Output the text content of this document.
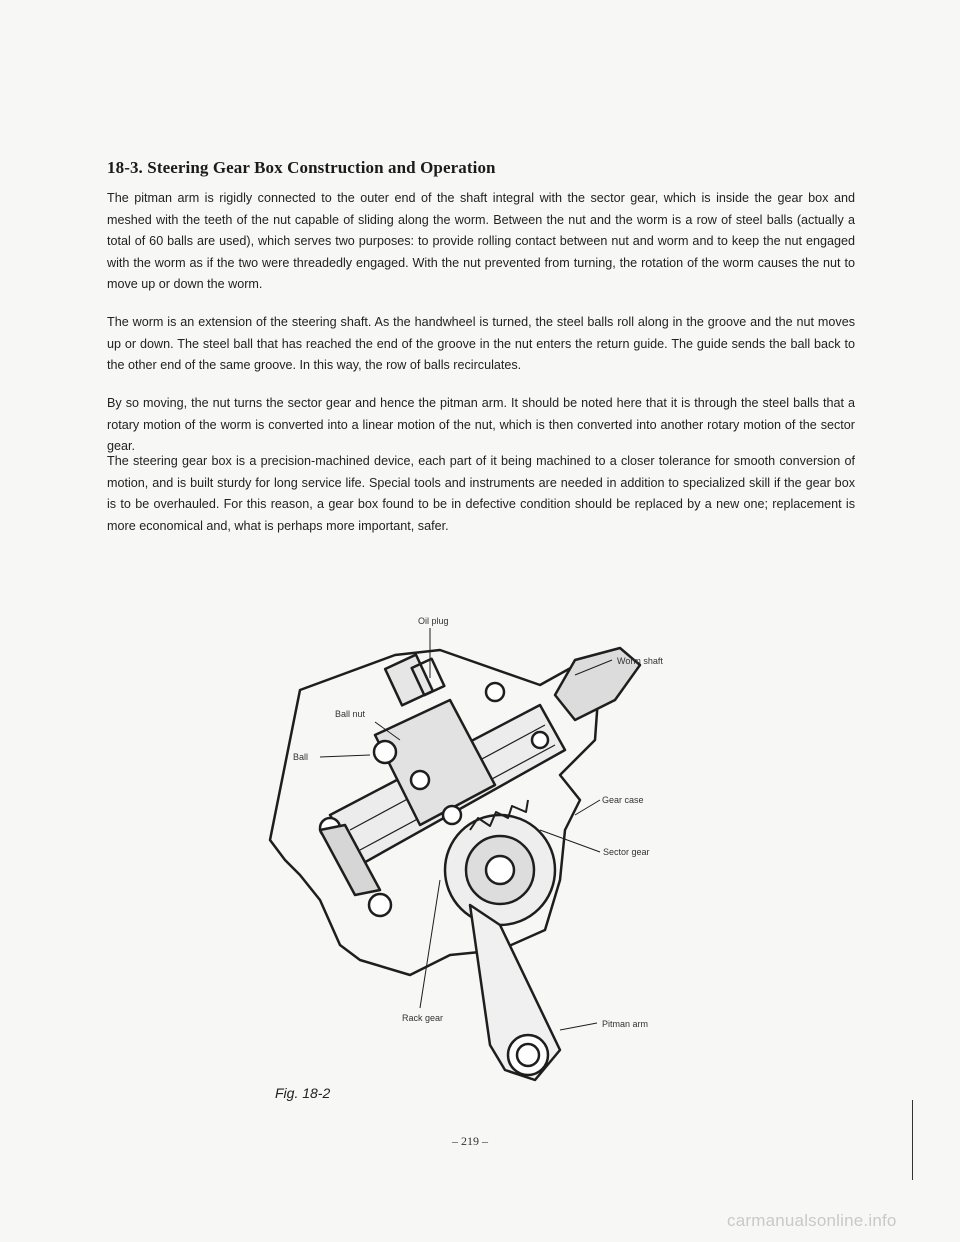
18-3. Steering Gear Box Construction and Operation

The pitman arm is rigidly connected to the outer end of the shaft integral with the sector gear, which is inside the gear box and meshed with the teeth of the nut capable of sliding along the worm. Between the nut and the worm is a row of steel balls (actually a total of 60 balls are used), which serves two purposes: to provide rolling contact between nut and worm and to keep the nut engaged with the worm as if the two were threadedly engaged. With the nut prevented from turning, the rotation of the worm causes the nut to move up or down the worm.

The worm is an extension of the steering shaft. As the handwheel is turned, the steel balls roll along in the groove and the nut moves up or down. The steel ball that has reached the end of the groove in the nut enters the return guide. The guide sends the ball back to the other end of the same groove. In this way, the row of balls recirculates.

By so moving, the nut turns the sector gear and hence the pitman arm. It should be noted here that it is through the steel balls that a rotary motion of the worm is converted into a linear motion of the nut, which is then converted into another rotary motion of the sector gear.

The steering gear box is a precision-machined device, each part of it being machined to a closer tolerance for smooth conversion of motion, and is built sturdy for long service life. Special tools and instruments are needed in addition to specialized skill if the gear box is to be overhauled. For this reason, a gear box found to be in defective condition should be replaced by a new one; replacement is more economical and, what is perhaps more important, safer.

Oil plug
Worm shaft
Ball nut
Ball
Gear case
Sector gear
Rack gear
Pitman arm
Fig. 18-2
– 219 –
carmanualsonline.info
